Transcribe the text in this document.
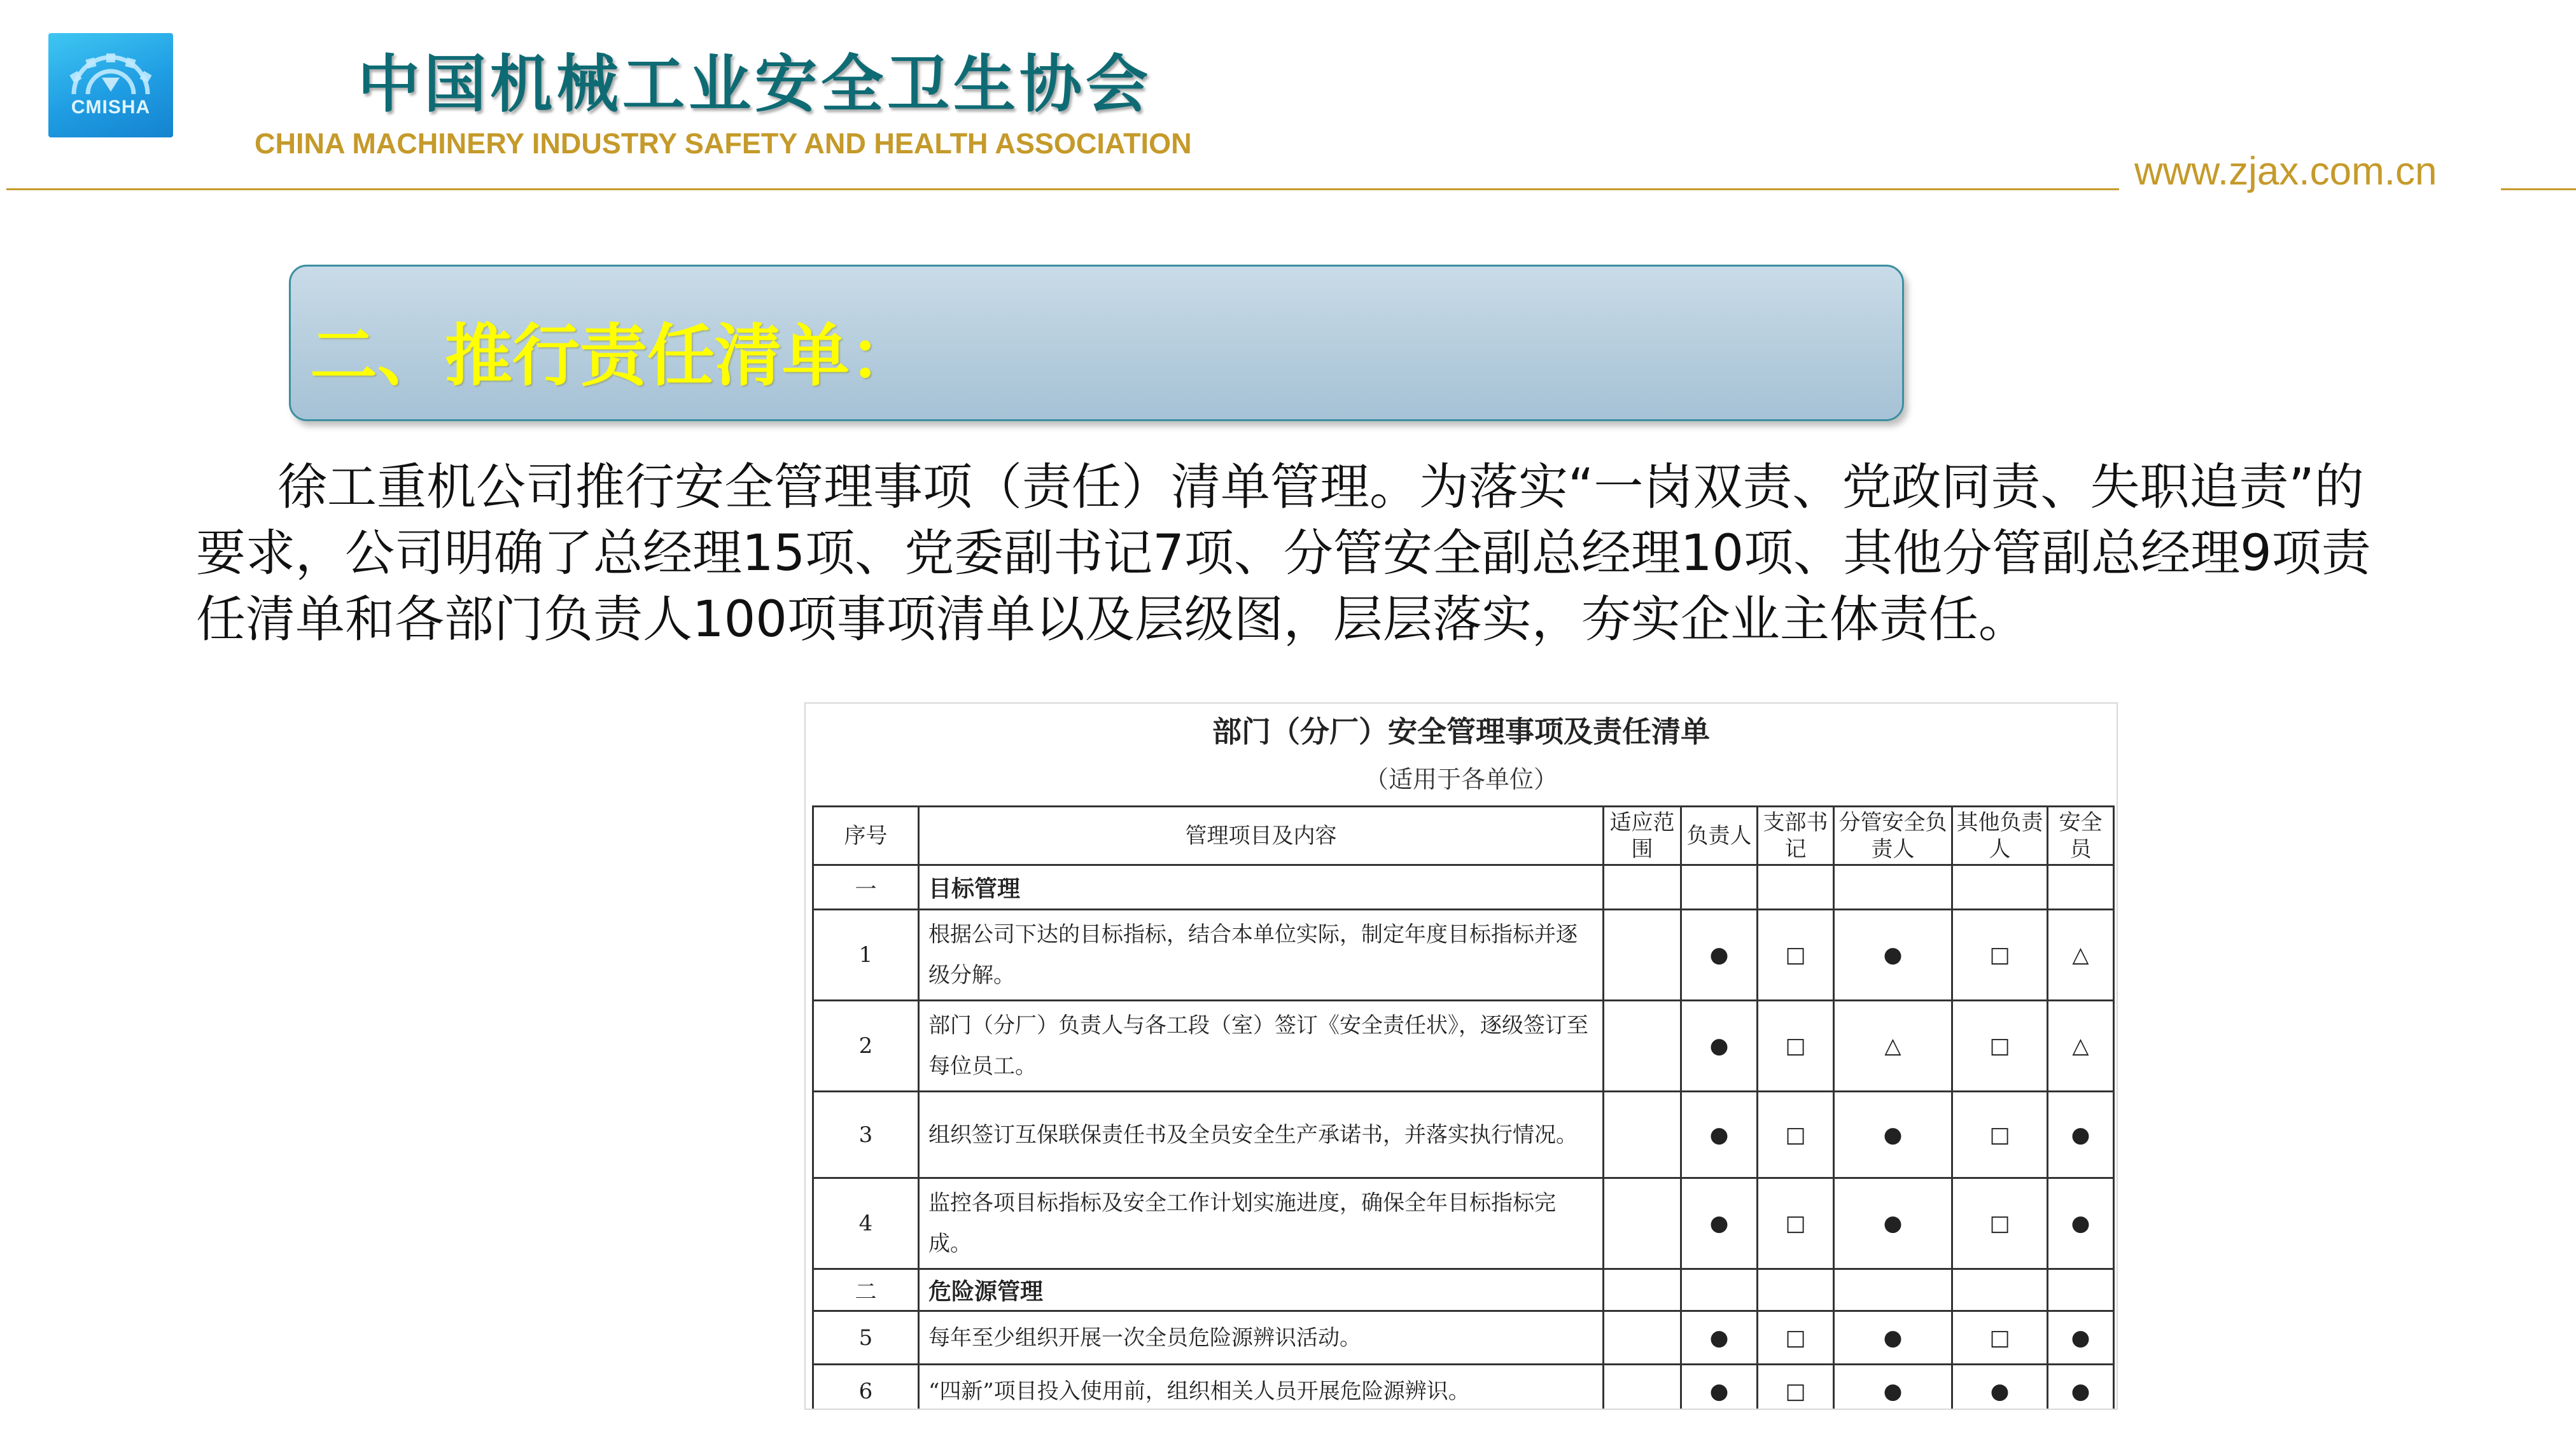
CMISHA	中国机械工业安全卫生协会
CHINA MACHINERY INDUSTRY SAFETY AND HEALTH ASSOCIATION
www.zjax.com.cn
二、推行责任清单：

徐工重机公司推行安全管理事项（责任）清单管理。为落实“一岗双责、党政同责、失职追责”的要求，公司明确了总经理15项、党委副书记7项、分管安全副总经理10项、其他分管副总经理9项责任清单和各部门负责人100项事项清单以及层级图，层层落实，夯实企业主体责任。

部门（分厂）安全管理事项及责任清单
（适用于各单位）
序号	管理项目及内容	适应范围	负责人	支部书记	分管安全负责人	其他负责人	安全员
一	目标管理						
1	根据公司下达的目标指标，结合本单位实际，制定年度目标指标并逐级分解。		●	□	●	□	△
2	部门（分厂）负责人与各工段（室）签订《安全责任状》，逐级签订至每位员工。		●	□	△	□	△
3	组织签订互保联保责任书及全员安全生产承诺书，并落实执行情况。		●	□	●	□	●
4	监控各项目标指标及安全工作计划实施进度，确保全年目标指标完成。		●	□	●	□	●
二	危险源管理						
5	每年至少组织开展一次全员危险源辨识活动。		●	□	●	□	●
6	“四新”项目投入使用前，组织相关人员开展危险源辨识。		●	□	●	●	●
